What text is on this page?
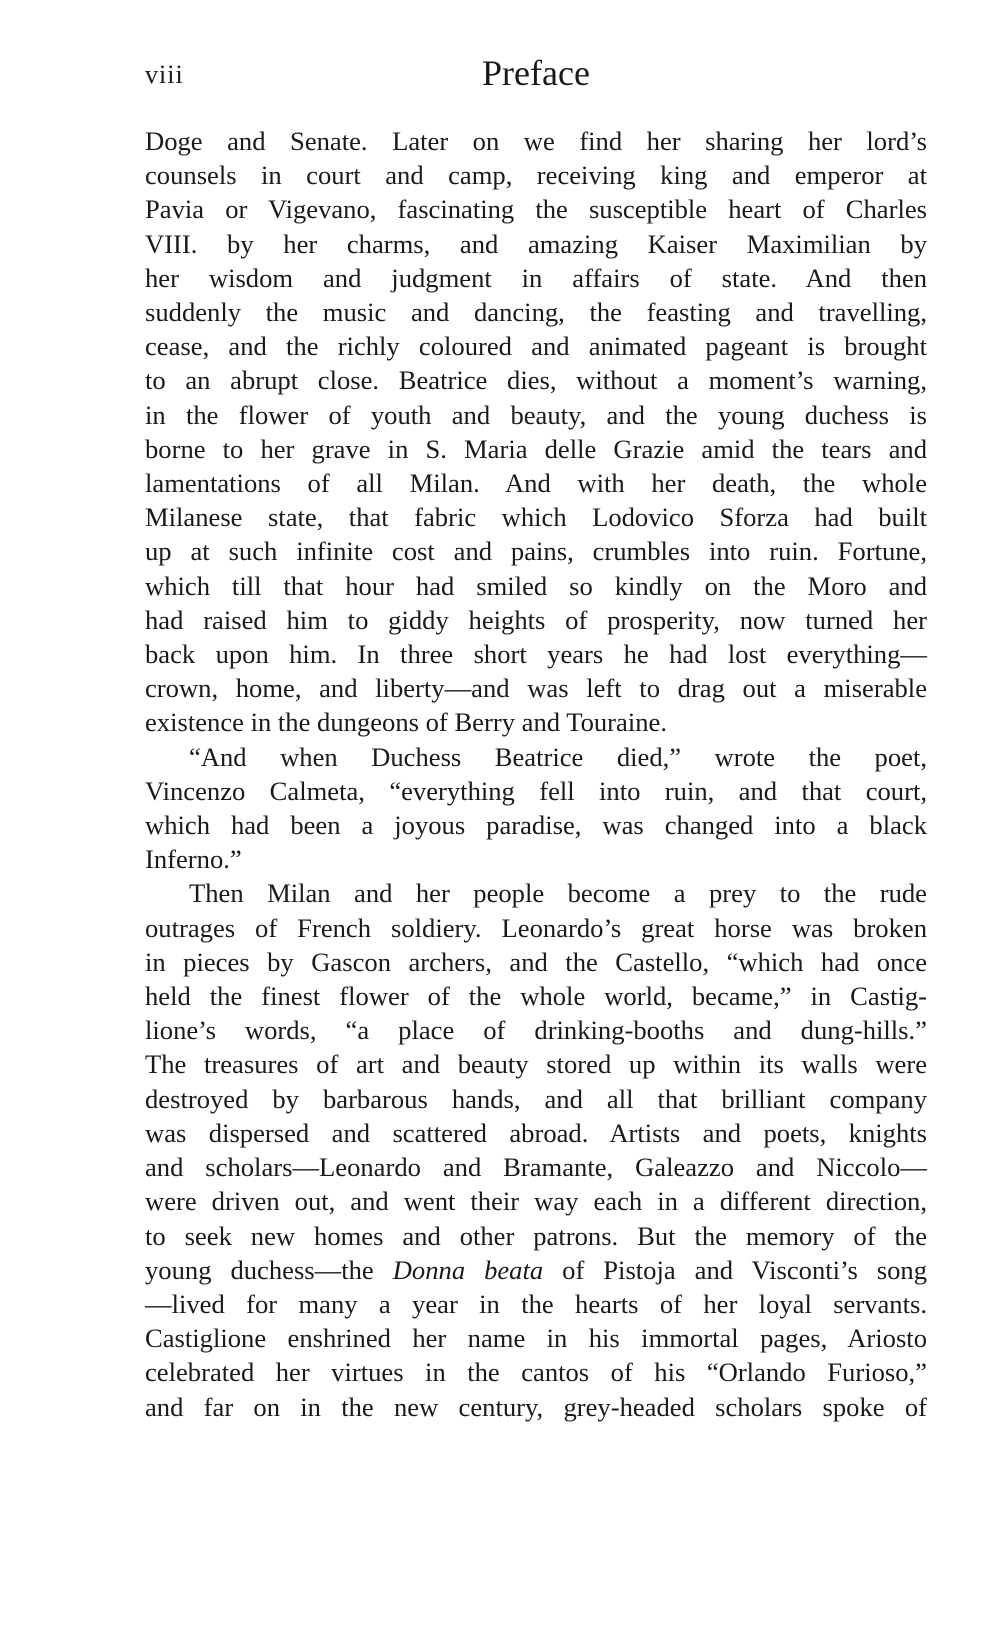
viii	Preface

Doge and Senate. Later on we find her sharing her lord’s
counsels in court and camp, receiving king and emperor at
Pavia or Vigevano, fascinating the susceptible heart of Charles
VIII. by her charms, and amazing Kaiser Maximilian by
her wisdom and judgment in affairs of state. And then
suddenly the music and dancing, the feasting and travelling,
cease, and the richly coloured and animated pageant is brought
to an abrupt close. Beatrice dies, without a moment’s warning,
in the flower of youth and beauty, and the young duchess is
borne to her grave in S. Maria delle Grazie amid the tears and
lamentations of all Milan. And with her death, the whole
Milanese state, that fabric which Lodovico Sforza had built
up at such infinite cost and pains, crumbles into ruin. Fortune,
which till that hour had smiled so kindly on the Moro and
had raised him to giddy heights of prosperity, now turned her
back upon him. In three short years he had lost everything—
crown, home, and liberty—and was left to drag out a miserable
existence in the dungeons of Berry and Touraine.

“And when Duchess Beatrice died,” wrote the poet,
Vincenzo Calmeta, “everything fell into ruin, and that court,
which had been a joyous paradise, was changed into a black
Inferno.”

Then Milan and her people become a prey to the rude
outrages of French soldiery. Leonardo’s great horse was broken
in pieces by Gascon archers, and the Castello, “which had once
held the finest flower of the whole world, became,” in Castig-
lione’s words, “a place of drinking-booths and dung-hills.”
The treasures of art and beauty stored up within its walls were
destroyed by barbarous hands, and all that brilliant company
was dispersed and scattered abroad. Artists and poets, knights
and scholars—Leonardo and Bramante, Galeazzo and Niccolo—
were driven out, and went their way each in a different direction,
to seek new homes and other patrons. But the memory of the
young duchess—the Donna beata of Pistoja and Visconti’s song
—lived for many a year in the hearts of her loyal servants.
Castiglione enshrined her name in his immortal pages, Ariosto
celebrated her virtues in the cantos of his “Orlando Furioso,”
and far on in the new century, grey-headed scholars spoke of
